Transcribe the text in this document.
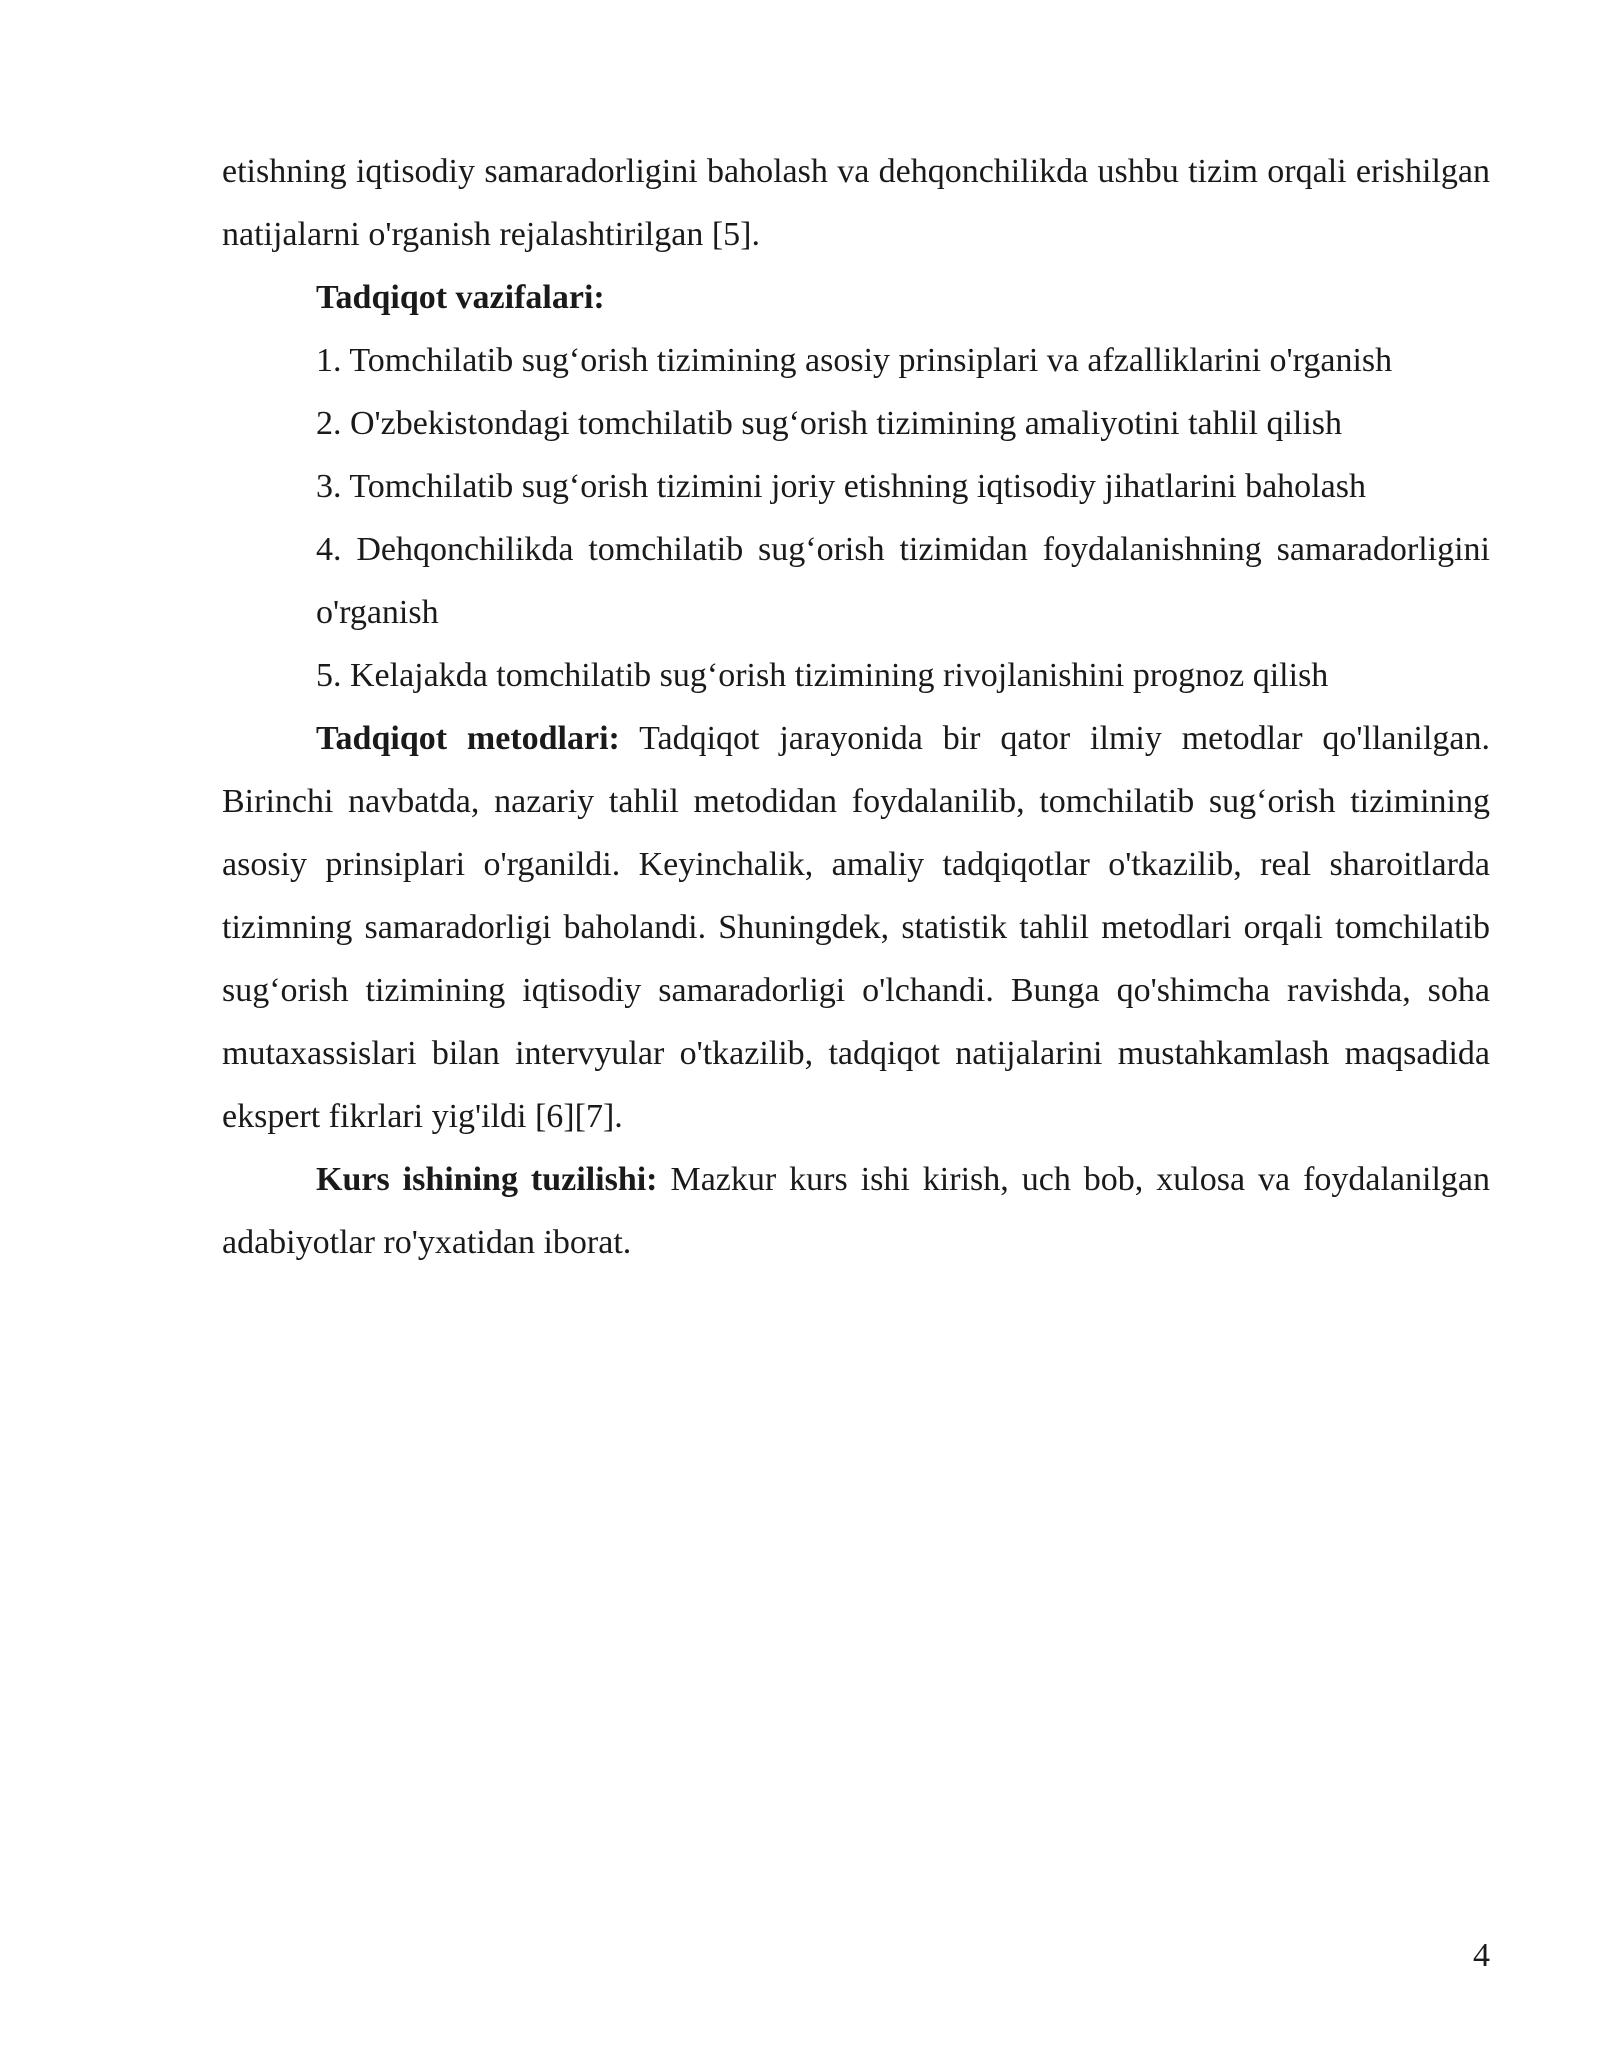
etishning iqtisodiy samaradorligini baholash va dehqonchilikda ushbu tizim orqali erishilgan natijalarni o'rganish rejalashtirilgan [5].

Tadqiqot vazifalari:

1. Tomchilatib sug‘orish tizimining asosiy prinsiplari va afzalliklarini o'rganish

2. O'zbekistondagi tomchilatib sug‘orish tizimining amaliyotini tahlil qilish

3. Tomchilatib sug‘orish tizimini joriy etishning iqtisodiy jihatlarini baholash

4. Dehqonchilikda tomchilatib sug‘orish tizimidan foydalanishning samaradorligini o'rganish

5. Kelajakda tomchilatib sug‘orish tizimining rivojlanishini prognoz qilish

Tadqiqot metodlari: Tadqiqot jarayonida bir qator ilmiy metodlar qo'llanilgan. Birinchi navbatda, nazariy tahlil metodidan foydalanilib, tomchilatib sug‘orish tizimining asosiy prinsiplari o'rganildi. Keyinchalik, amaliy tadqiqotlar o'tkazilib, real sharoitlarda tizimning samaradorligi baholandi. Shuningdek, statistik tahlil metodlari orqali tomchilatib sug‘orish tizimining iqtisodiy samaradorligi o'lchandi. Bunga qo'shimcha ravishda, soha mutaxassislari bilan intervyular o'tkazilib, tadqiqot natijalarini mustahkamlash maqsadida ekspert fikrlari yig'ildi [6][7].

Kurs ishining tuzilishi: Mazkur kurs ishi kirish, uch bob, xulosa va foydalanilgan adabiyotlar ro'yxatidan iborat.

4
